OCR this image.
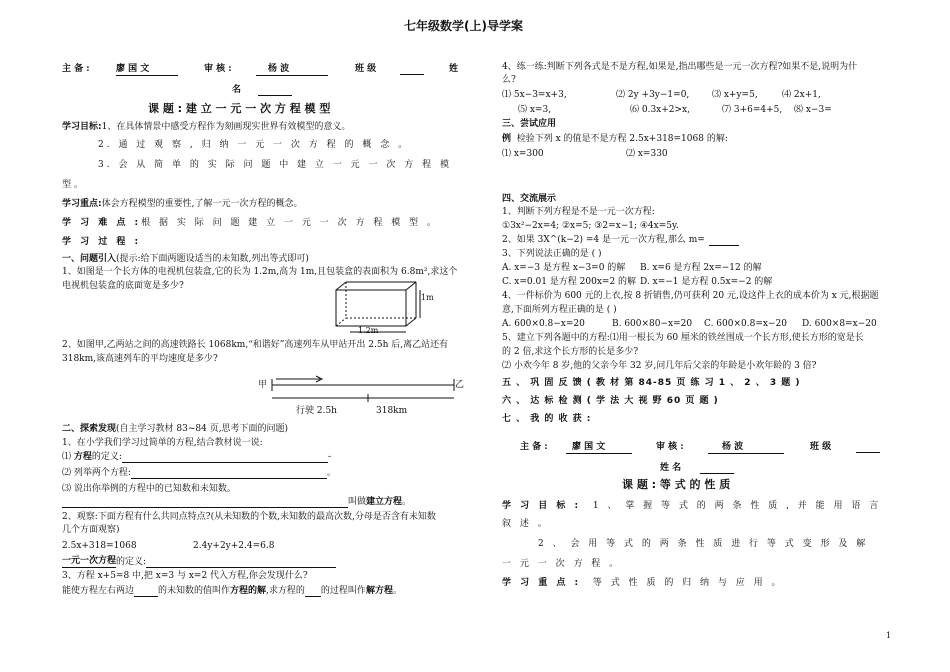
七年级数学(上)导学案
主 备 :	廖 国 文	审 核 :	杨 波	班 级	姓
名
课 题 : 建 立 一 元 一 次 方 程 模 型
学习目标:1、在具体情景中感受方程作为刻画现实世界有效模型的意义。
2. 通 过 观 察 , 归 纳 一 元 一 次 方 程 的 概 念 。
3. 会 从 简 单 的 实 际 问 题 中 建 立 一 元 一 次 方 程 模
型 。
学习重点:体会方程模型的重要性,了解一元一次方程的概念。
学 习 难 点 :根 据 实 际 问 题 建 立 一 元 一 次 方 程 模 型 。
学 习 过 程 :
一、问题引入(提示:给下面两题设适当的未知数,列出等式即可)
1、如图是一个长方体的电视机包装盒,它的长为 1.2m,高为 1m,且包装盒的表面积为 6.8m²,求这个
电视机包装盒的底面宽是多少?
1m
1.2m
2、如图甲,乙两站之间的高速铁路长 1068km,“和谐好”高速列车从甲站开出 2.5h 后,离乙站还有
318km,该高速列车的平均速度是多少?
甲	乙
行驶 2.5h	318km
二、探索发现(自主学习教材 83~84 页,思考下面的问题)
1、在小学我们学习过简单的方程,结合教材说一说:
⑴ 方程的定义:	-
⑵ 列举两个方程:	。
⑶ 说出你举例的方程中的已知数和未知数。
叫做建立方程。
2、观察:下面方程有什么共同点特点?(从未知数的个数,未知数的最高次数,分母是否含有未知数
几个方面观察)
2.5x+318=1068	2.4y+2y+2.4=6.8
一元一次方程的定义:
3、方程 x+5=8 中,把 x=3 与 x=2 代入方程,你会发现什么?
能使方程左右两边	的未知数的值叫作方程的解,求方程的 的过程叫作解方程。
4、练一练:判断下列各式是不是方程,如果是,指出哪些是一元一次方程?如果不是,说明为什
么?
⑴ 5x−3=x+3,	⑵ 2y +3y−1=0,	⑶ x+y=5,	⑷ 2x+1,
⑸ x=3,	⑹ 0.3x+2>x,	⑺ 3+6=4+5, ⑻ x−3=
三、尝试应用
例 检验下列 x 的值是不是方程 2.5x+318=1068 的解:
⑴ x=300	⑵ x=330
四、交流展示
1、判断下列方程是不是一元一次方程:
①3x²−2x=4; ②x=5; ③2=x−1; ④4x=5y.
2、如果 3X^(k−2) =4 是一元一次方程,那么 m=
3、下列说法正确的是 ( )
A. x=−3 是方程 x−3=0 的解 B. x=6 是方程 2x=−12 的解
C. x=0.01 是方程 200x=2 的解 D. x=−1 是方程 0.5x=−2 的解
4、一件标价为 600 元的上衣,按 8 折销售,仍可获利 20 元,设这件上衣的成本价为 x 元,根据题
意,下面所列方程正确的是 ( )
A. 600×0.8−x=20	B. 600×80−x=20 C. 600×0.8=x−20 D. 600×8=x−20
5、建立下列各题中的方程:⑴用一根长为 60 厘米的铁丝围成一个长方形,使长方形的宽是长
的 2 倍,求这个长方形的长是多少?
⑵ 小欢今年 8 岁,他的父亲今年 32 岁,问几年后父亲的年龄是小欢年龄的 3 倍?
五 、 巩 固 反 馈 ( 教 材 第 84-85 页 练 习 1 、 2 、 3 题 )
六 、 达 标 检 测 ( 学 法 大 视 野 60 页 题 )
七 、 我 的 收 获 :
主 备 :	廖 国 文	审 核 :	杨 波	班 级
姓 名
课 题 : 等 式 的 性 质
学 习 目 标 : 1 、 掌 握 等 式 的 两 条 性 质 , 并 能 用 语 言
叙 述 。
2 、 会 用 等 式 的 两 条 性 质 进 行 等 式 变 形 及 解
一 元 一 次 方 程 。
学 习 重 点 : 等 式 性 质 的 归 纳 与 应 用 。
1
